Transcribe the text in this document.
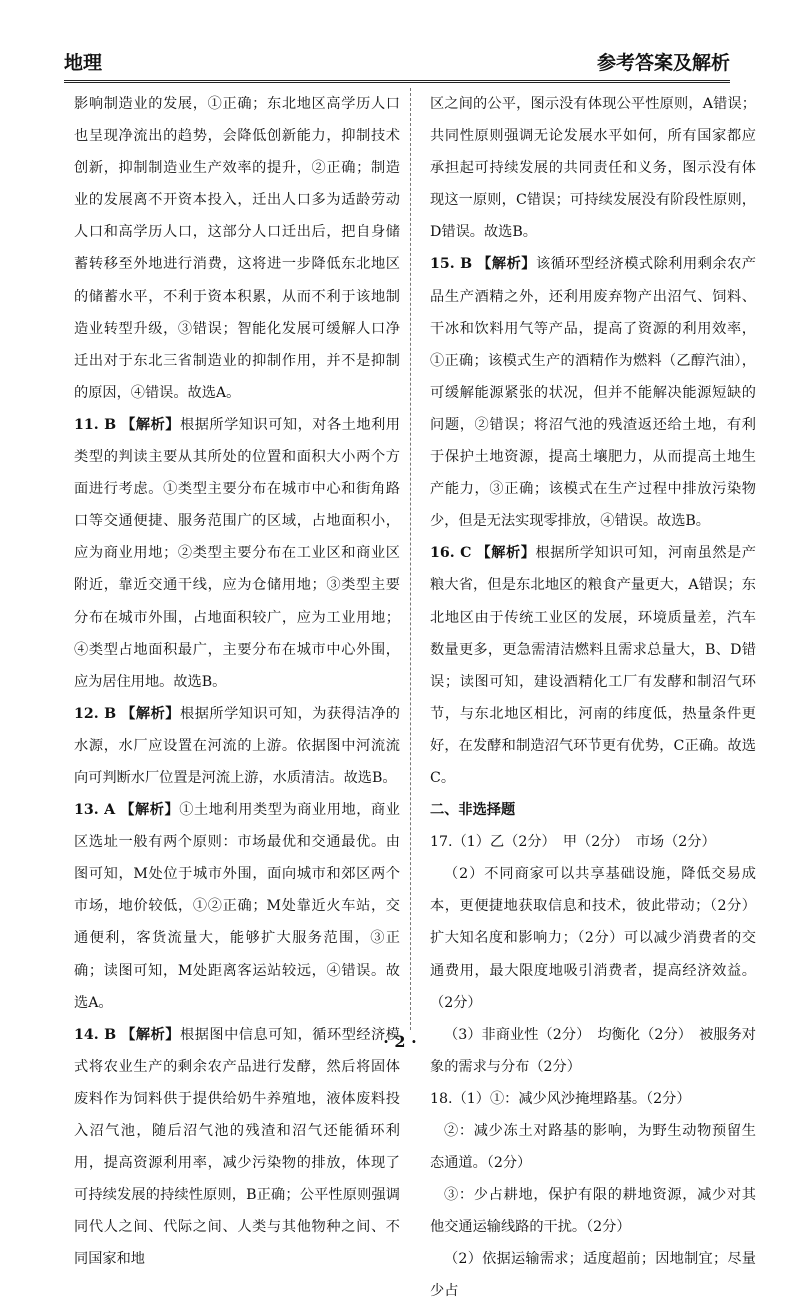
地理	参考答案及解析

影响制造业的发展，①正确；东北地区高学历人口也呈现净流出的趋势，会降低创新能力，抑制技术创新，抑制制造业生产效率的提升，②正确；制造业的发展离不开资本投入，迁出人口多为适龄劳动人口和高学历人口，这部分人口迁出后，把自身储蓄转移至外地进行消费，这将进一步降低东北地区的储蓄水平，不利于资本积累，从而不利于该地制造业转型升级，③错误；智能化发展可缓解人口净迁出对于东北三省制造业的抑制作用，并不是抑制的原因，④错误。故选A。

11. B 【解析】根据所学知识可知，对各土地利用类型的判读主要从其所处的位置和面积大小两个方面进行考虑。①类型主要分布在城市中心和街角路口等交通便捷、服务范围广的区域，占地面积小，应为商业用地；②类型主要分布在工业区和商业区附近，靠近交通干线，应为仓储用地；③类型主要分布在城市外围，占地面积较广，应为工业用地；④类型占地面积最广，主要分布在城市中心外围，应为居住用地。故选B。

12. B 【解析】根据所学知识可知，为获得洁净的水源，水厂应设置在河流的上游。依据图中河流流向可判断水厂位置是河流上游，水质清洁。故选B。

13. A 【解析】①土地利用类型为商业用地，商业区选址一般有两个原则：市场最优和交通最优。由图可知，M处位于城市外围，面向城市和郊区两个市场，地价较低，①②正确；M处靠近火车站，交通便利，客货流量大，能够扩大服务范围，③正确；读图可知，M处距离客运站较远，④错误。故选A。

14. B 【解析】根据图中信息可知，循环型经济模式将农业生产的剩余农产品进行发酵，然后将固体废料作为饲料供于提供给奶牛养殖地，液体废料投入沼气池，随后沼气池的残渣和沼气还能循环利用，提高资源利用率，减少污染物的排放，体现了可持续发展的持续性原则，B正确；公平性原则强调同代人之间、代际之间、人类与其他物种之间、不同国家和地

区之间的公平，图示没有体现公平性原则，A错误；共同性原则强调无论发展水平如何，所有国家都应承担起可持续发展的共同责任和义务，图示没有体现这一原则，C错误；可持续发展没有阶段性原则，D错误。故选B。

15. B 【解析】该循环型经济模式除利用剩余农产品生产酒精之外，还利用废弃物产出沼气、饲料、干冰和饮料用气等产品，提高了资源的利用效率，①正确；该模式生产的酒精作为燃料（乙醇汽油），可缓解能源紧张的状况，但并不能解决能源短缺的问题，②错误；将沼气池的残渣返还给土地，有利于保护土地资源，提高土壤肥力，从而提高土地生产能力，③正确；该模式在生产过程中排放污染物少，但是无法实现零排放，④错误。故选B。

16. C 【解析】根据所学知识可知，河南虽然是产粮大省，但是东北地区的粮食产量更大，A错误；东北地区由于传统工业区的发展，环境质量差，汽车数量更多，更急需清洁燃料且需求总量大，B、D错误；读图可知，建设酒精化工厂有发酵和制沼气环节，与东北地区相比，河南的纬度低，热量条件更好，在发酵和制造沼气环节更有优势，C正确。故选C。

二、非选择题

17.（1）乙（2分）　甲（2分）　市场（2分）

（2）不同商家可以共享基础设施，降低交易成本，更便捷地获取信息和技术，彼此带动；（2分）扩大知名度和影响力；（2分）可以减少消费者的交通费用，最大限度地吸引消费者，提高经济效益。（2分）

（3）非商业性（2分）　均衡化（2分）　被服务对象的需求与分布（2分）

18.（1）①：减少风沙掩埋路基。（2分）

②：减少冻土对路基的影响，为野生动物预留生态通道。（2分）

③：少占耕地，保护有限的耕地资源，减少对其他交通运输线路的干扰。（2分）

（2）依据运输需求；适度超前；因地制宜；尽量少占

· 2 ·
